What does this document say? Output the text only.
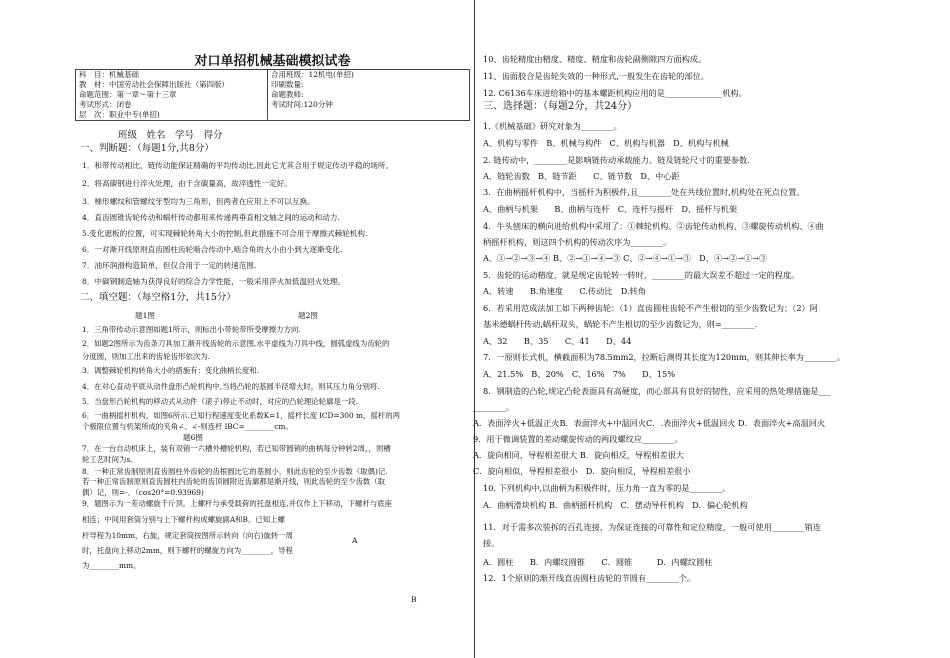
对口单招机械基础模拟试卷
科　目：机械基础
教　材：中国劳动社会保障出版社（第四版）
命题范围：第一章～第十三章
考试形式：闭卷
层　次：职业中专(单招)

合用班级：12机电(单招)
印刷数量:
命题教师:
考试时间:120分钟
班级　姓名　学号　得分
一、判断题：（每题1分,共8分）
1．和带传动相比，链传动能保证精确的平均传动比,因此它尤其合用于规定传动平稳的场所。
2．将高碳钢进行淬火处理，由于含碳量高，故淬透性一定好。
3．梯形螺纹和管螺纹牙型均为三角形，但两者在应用上不可以互换。
4．直齿圆锥齿轮传动和蜗杆传动都用来传递两垂直相交轴之间的运动和动力.
5.变化遮板的位置，可实现棘轮转角大小的控制,但此措施不可合用于摩擦式棘轮机构.
6．一对渐开线原则直齿圆柱齿轮啮合传动中,啮合角的大小由小到大逐渐变化.
7．油环润滑构造简单，但仅合用于一定的转速范围.
8．中碳钢制造轴为获得良好的综合力学性能，一般采用淬火加低温回火处理。
二、填空题：（每空格1分，共15分）
题1图	题2图
1．三角带传动示意图如题1所示，则标出小带轮带所受摩擦力方向.
2．如题2图所示为齿条刀具加工渐开线齿轮的示意图,水平虚线为刀具中线，圆弧虚线为齿轮的
分度圆，则加工出来的齿轮齿形依次为.
3．调整棘轮机构转角大小的措施有：变化曲柄长度和.
4．在对心直动平底从动件盘形凸轮机构中,当将凸轮的基圆半径增大时，则其压力角分别将.
5．当盘形凸轮机构的移动式从动件（滚子)停止不动时，对应的凸轮理论轮廓是一段.
6．一曲柄摇杆机构，如图6所示.已知行程速度变化系数K=1，摇杆长度 lCD=300 m，摇杆的两
个极限位置与机架所成的夹角∠、∠-则连杆 lBC=________cm。
题6图
7．在一台自动机床上，装有双销一六槽外槽轮机构，若已知带圆销的曲柄每分钟转2周，，则槽
轮工艺时间为s。
8．一种正常齿制原则直齿圆柱外齿轮的齿根圆比它的基圆小，则此齿轮的至少齿数（取偶)记.
若一种正常齿制原则直齿圆柱内齿轮的齿顶圆附近齿廓都是渐开线，则此齿轮的至少齿数（取
偶）记，则=-．（cos20°=0.93969)
9．题图示为一差动螺旋千斤顶。上螺杆与承受载荷的托盘相连,并仅作上下移动，下螺杆与底座
相连；中间用套筒分别与上下螺杆构成螺旋副A和B。已知上螺
杆导程为10mm，右旋，规定套筒按图所示转向（向右)旋转一周
时，托盘向上移动2mm，则下螺杆的螺旋方向为________，导程
为________mm。
A
B
10、齿轮精度由精度、精度、精度和齿轮副侧隙四方面构成。
11、齿面胶合是齿轮失效的一种形式,一般发生在齿轮的部位。
12. C6136车床进给箱中的基本螺距机构应用的是______________机构。
三、选择题：（每题2分，共24分）
1.《机械基础》研究对象为________。
A、机构与零件　B、机械与构件　C、机构与机器　D、机构与机械
2. 链传动中，________是影响链传动承载能力、链及链轮尺寸的重要参数.
A、链轮齿数　B、链节距　　C、链节数　D、中心距
3．在曲柄摇杆机构中，当摇杆为积极件,且________处在共线位置时,机构处在死点位置。
A、曲柄与机架　　B、曲柄与连杆　C、连杆与摇杆　D、摇杆与机架
4．牛头刨床的横向进给机构中采用了：①棘轮机构、②齿轮传动机构、③螺旋传动机构、④曲
柄摇杆机构，则这四个机构的传动次序为________。
A、①→②→③→④ B、②→①→④→③ C、②→④→①→③　D、④→②→①→③
5．齿轮的运动精度，就是规定齿轮转一转时，________的最大误差不超过一定的程度。
A、转速　　B.角速度　　C.传动比　D.转角
6．若采用范成法加工如下两种齿轮：（1）直齿圆柱齿轮不产生根切的至少齿数记为；（2）阿
基米德蜗杆传动,蜗杆双头，蜗轮不产生根切的至少齿数记为，则=________.
A、32　　B、35　　C、41　　D、44
7．一原则长式机，横截面积为78.5mm2，拉断后测得其长度为120mm，则其伸长率为________。
A、21.5%　B、20%　C、16%　7%　　D、15%
8．钢制造的凸轮,规定凸轮表面具有高硬度，而心部具有良好的韧性，应采用的热处理措施是___
________。
A．表面淬火+低温正火B．表面淬火+中温回火C．.表面淬火+低温回火 D．表面淬火+高温回火
9．用于微调装置的差动螺旋传动的两段螺纹应________。
A．旋向相同，导程相差很大 B．旋向相反，导程相差很大
C．旋向相似，导程相差很小　D．旋向相反，导程相差很小
10. 下列机构中,以曲柄为积极件时，压力角一直为零的是________。
A．曲柄滑块机构 B．曲柄摇杆机构　C．摆动导杆机构　D．偏心轮机构
11．对于需多次装拆的百孔连接，为保证连接的可靠性和定位精度，一般可使用________销连
接。
A．圆柱　　B．内螺纹圆锥　　C．圆锥　　　D．内螺纹圆柱
12．1个原则的渐开线直齿圆柱齿轮的节圆有________个。
